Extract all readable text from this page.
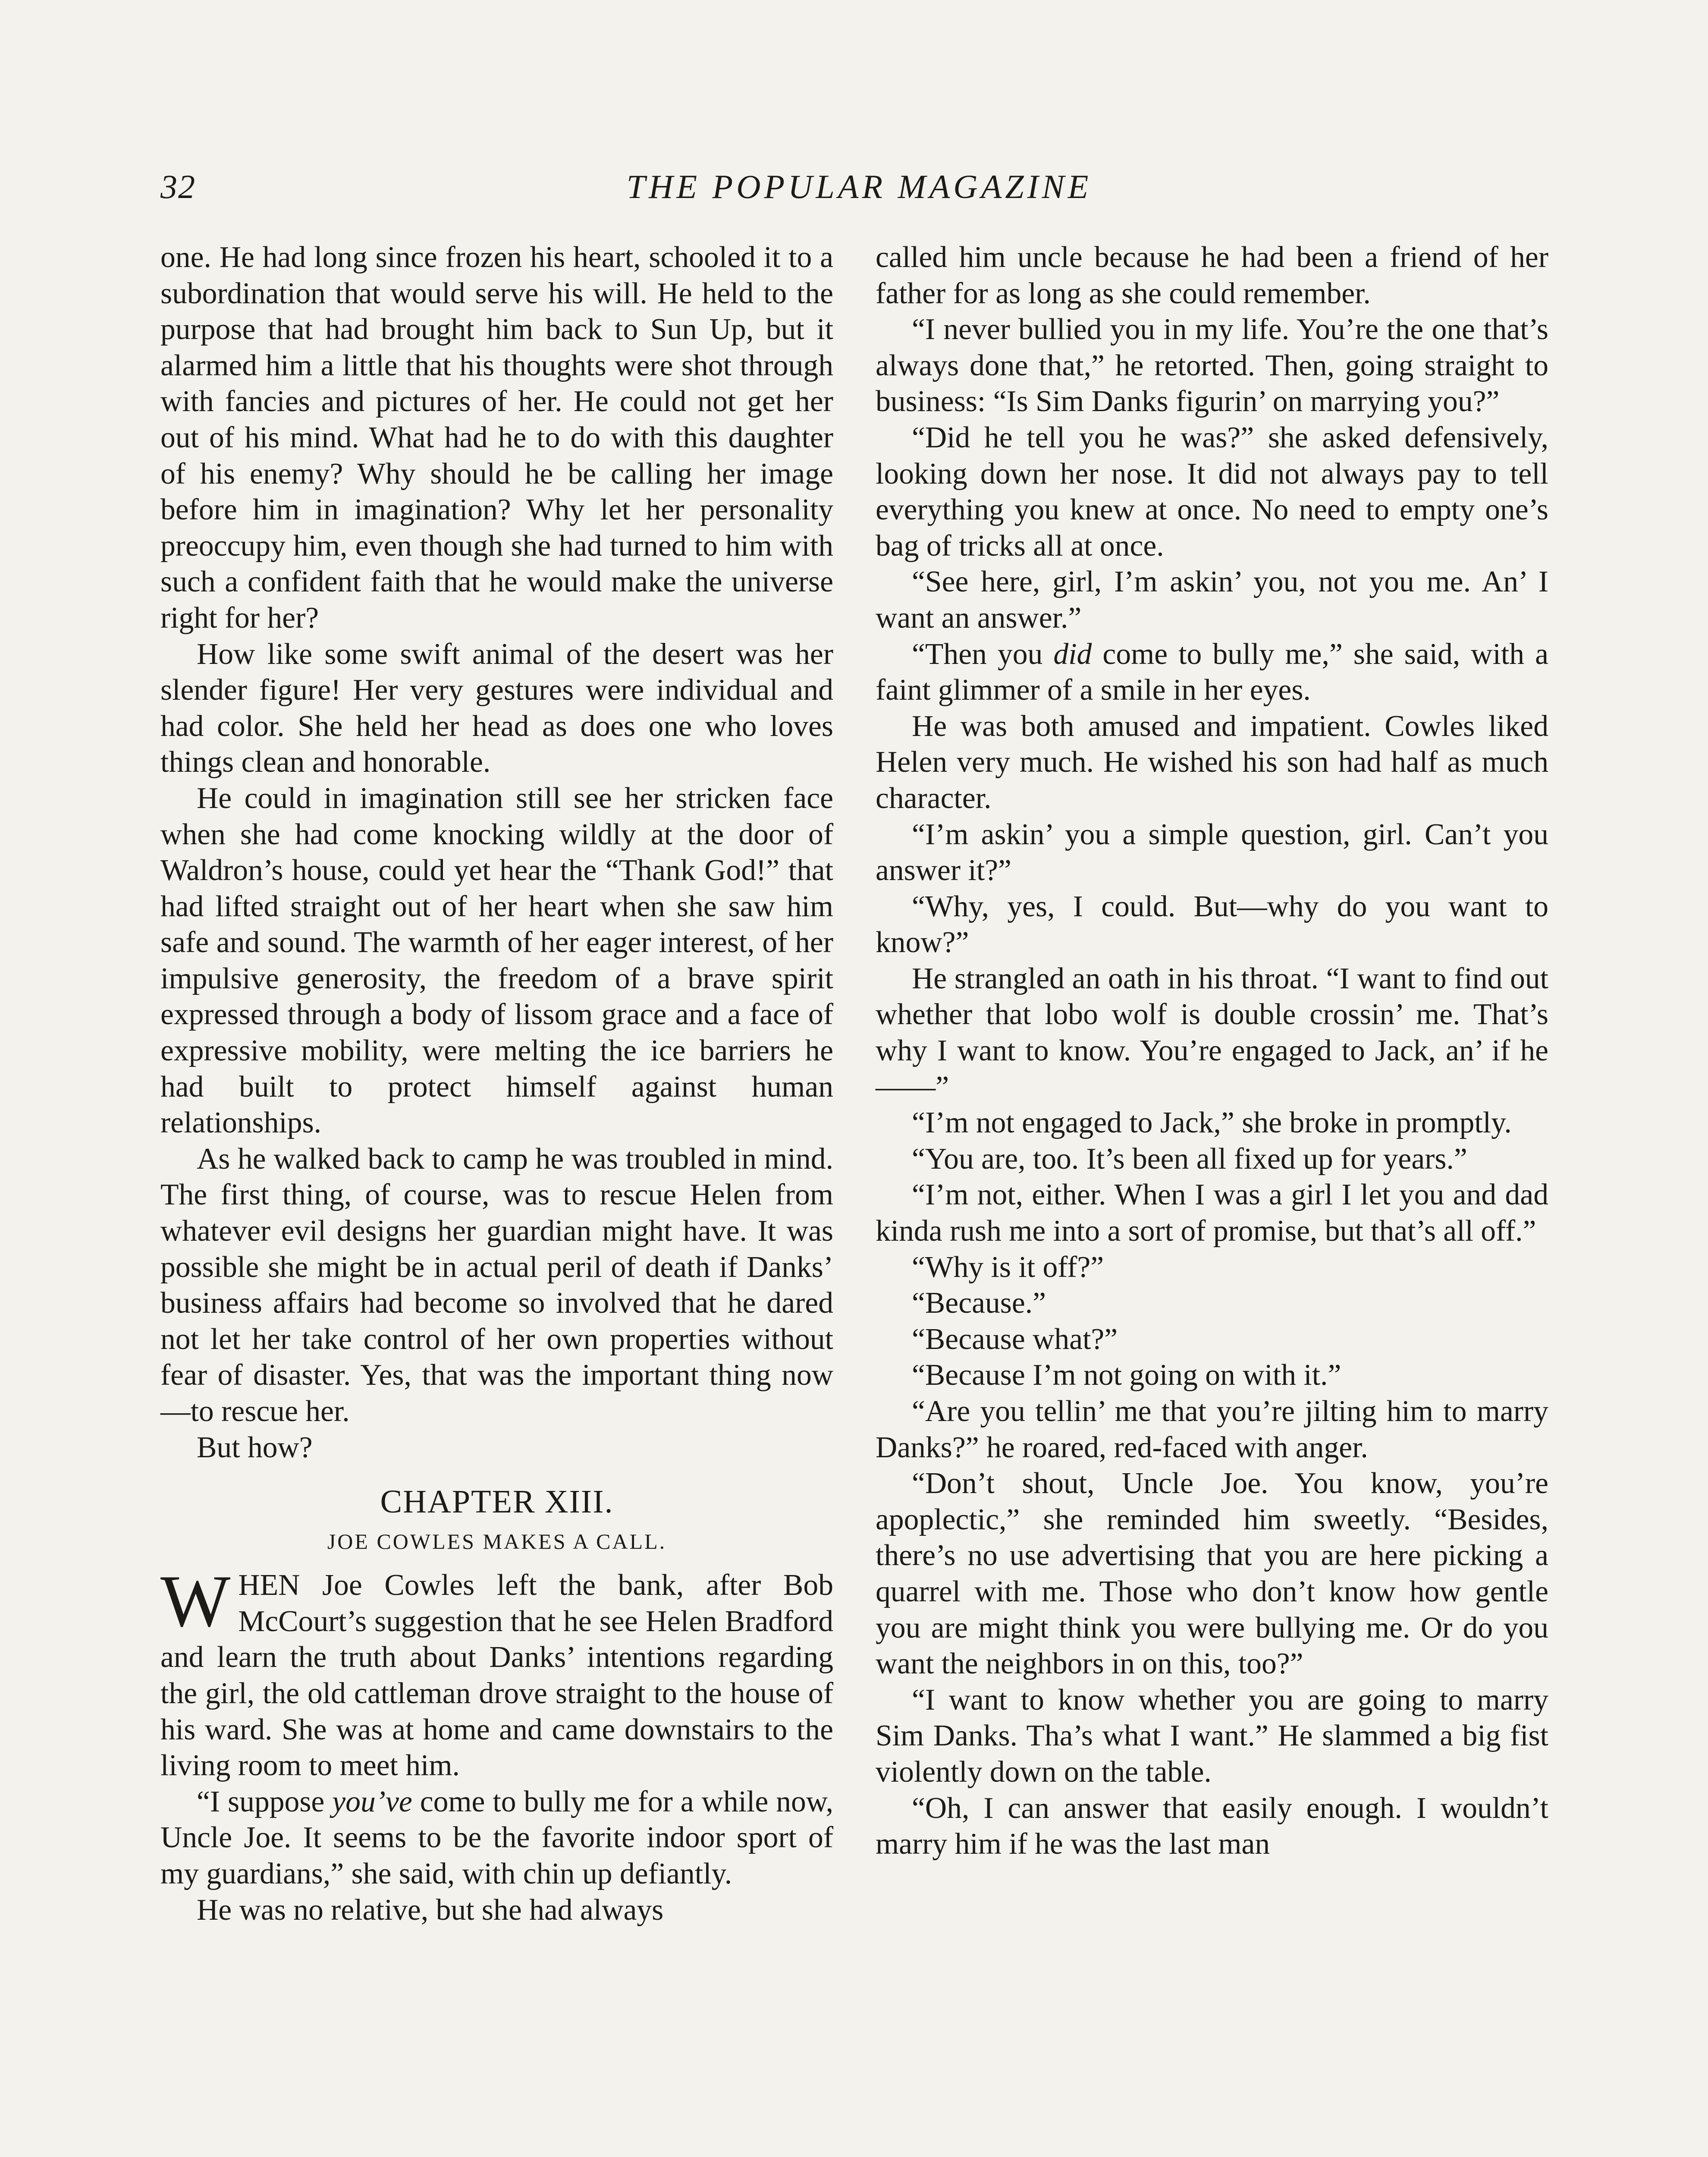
32	THE POPULAR MAGAZINE

one. He had long since frozen his heart, schooled it to a subordination that would serve his will. He held to the purpose that had brought him back to Sun Up, but it alarmed him a little that his thoughts were shot through with fancies and pictures of her. He could not get her out of his mind. What had he to do with this daughter of his enemy? Why should he be calling her image before him in imagination? Why let her personality preoccupy him, even though she had turned to him with such a confident faith that he would make the universe right for her?

How like some swift animal of the desert was her slender figure! Her very gestures were individual and had color. She held her head as does one who loves things clean and honorable.

He could in imagination still see her stricken face when she had come knocking wildly at the door of Waldron’s house, could yet hear the “Thank God!” that had lifted straight out of her heart when she saw him safe and sound. The warmth of her eager interest, of her impulsive generosity, the freedom of a brave spirit expressed through a body of lissom grace and a face of expressive mobility, were melting the ice barriers he had built to protect himself against human relationships.

As he walked back to camp he was troubled in mind. The first thing, of course, was to rescue Helen from whatever evil designs her guardian might have. It was possible she might be in actual peril of death if Danks’ business affairs had become so involved that he dared not let her take control of her own properties without fear of disaster. Yes, that was the important thing now—to rescue her.

But how?

CHAPTER XIII.
JOE COWLES MAKES A CALL.

WHEN Joe Cowles left the bank, after Bob McCourt’s suggestion that he see Helen Bradford and learn the truth about Danks’ intentions regarding the girl, the old cattleman drove straight to the house of his ward. She was at home and came downstairs to the living room to meet him.

“I suppose you’ve come to bully me for a while now, Uncle Joe. It seems to be the favorite indoor sport of my guardians,” she said, with chin up defiantly.

He was no relative, but she had always

called him uncle because he had been a friend of her father for as long as she could remember.

“I never bullied you in my life. You’re the one that’s always done that,” he retorted. Then, going straight to business: “Is Sim Danks figurin’ on marrying you?”

“Did he tell you he was?” she asked defensively, looking down her nose. It did not always pay to tell everything you knew at once. No need to empty one’s bag of tricks all at once.

“See here, girl, I’m askin’ you, not you me. An’ I want an answer.”

“Then you did come to bully me,” she said, with a faint glimmer of a smile in her eyes.

He was both amused and impatient. Cowles liked Helen very much. He wished his son had half as much character.

“I’m askin’ you a simple question, girl. Can’t you answer it?”

“Why, yes, I could. But—why do you want to know?”

He strangled an oath in his throat. “I want to find out whether that lobo wolf is double crossin’ me. That’s why I want to know. You’re engaged to Jack, an’ if he——”

“I’m not engaged to Jack,” she broke in promptly.

“You are, too. It’s been all fixed up for years.”

“I’m not, either. When I was a girl I let you and dad kinda rush me into a sort of promise, but that’s all off.”

“Why is it off?”

“Because.”

“Because what?”

“Because I’m not going on with it.”

“Are you tellin’ me that you’re jilting him to marry Danks?” he roared, red-faced with anger.

“Don’t shout, Uncle Joe. You know, you’re apoplectic,” she reminded him sweetly. “Besides, there’s no use advertising that you are here picking a quarrel with me. Those who don’t know how gentle you are might think you were bullying me. Or do you want the neighbors in on this, too?”

“I want to know whether you are going to marry Sim Danks. Tha’s what I want.” He slammed a big fist violently down on the table.

“Oh, I can answer that easily enough. I wouldn’t marry him if he was the last man
